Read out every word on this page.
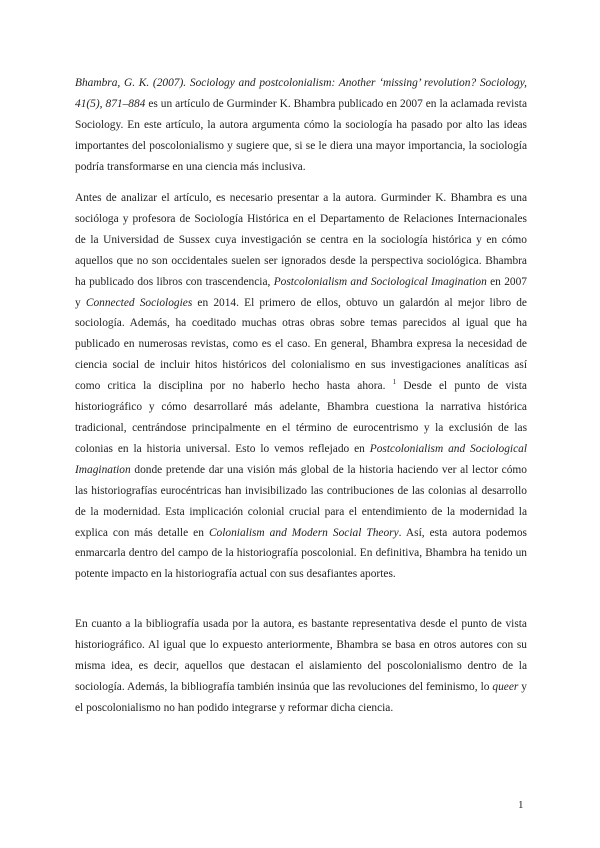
Bhambra, G. K. (2007). Sociology and postcolonialism: Another ‘missing’ revolution? Sociology, 41(5), 871–884 es un artículo de Gurminder K. Bhambra publicado en 2007 en la aclamada revista Sociology. En este artículo, la autora argumenta cómo la sociología ha pasado por alto las ideas importantes del poscolonialismo y sugiere que, si se le diera una mayor importancia, la sociología podría transformarse en una ciencia más inclusiva.

Antes de analizar el artículo, es necesario presentar a la autora. Gurminder K. Bhambra es una socióloga y profesora de Sociología Histórica en el Departamento de Relaciones Internacionales de la Universidad de Sussex cuya investigación se centra en la sociología histórica y en cómo aquellos que no son occidentales suelen ser ignorados desde la perspectiva sociológica. Bhambra ha publicado dos libros con trascendencia, Postcolonialism and Sociological Imagination en 2007 y Connected Sociologies en 2014. El primero de ellos, obtuvo un galardón al mejor libro de sociología. Además, ha coeditado muchas otras obras sobre temas parecidos al igual que ha publicado en numerosas revistas, como es el caso. En general, Bhambra expresa la necesidad de ciencia social de incluir hitos históricos del colonialismo en sus investigaciones analíticas así como critica la disciplina por no haberlo hecho hasta ahora. $^1$ Desde el punto de vista historiográfico y cómo desarrollaré más adelante, Bhambra cuestiona la narrativa histórica tradicional, centrándose principalmente en el término de eurocentrismo y la exclusión de las colonias en la historia universal. Esto lo vemos reflejado en Postcolonialism and Sociological Imagination donde pretende dar una visión más global de la historia haciendo ver al lector cómo las historiografías eurocéntricas han invisibilizado las contribuciones de las colonias al desarrollo de la modernidad. Esta implicación colonial crucial para el entendimiento de la modernidad la explica con más detalle en Colonialism and Modern Social Theory. Así, esta autora podemos enmarcarla dentro del campo de la historiografía poscolonial. En definitiva, Bhambra ha tenido un potente impacto en la historiografía actual con sus desafiantes aportes.

En cuanto a la bibliografía usada por la autora, es bastante representativa desde el punto de vista historiográfico. Al igual que lo expuesto anteriormente, Bhambra se basa en otros autores con su misma idea, es decir, aquellos que destacan el aislamiento del poscolonialismo dentro de la sociología. Además, la bibliografía también insinúa que las revoluciones del feminismo, lo queer y el poscolonialismo no han podido integrarse y reformar dicha ciencia.

1
